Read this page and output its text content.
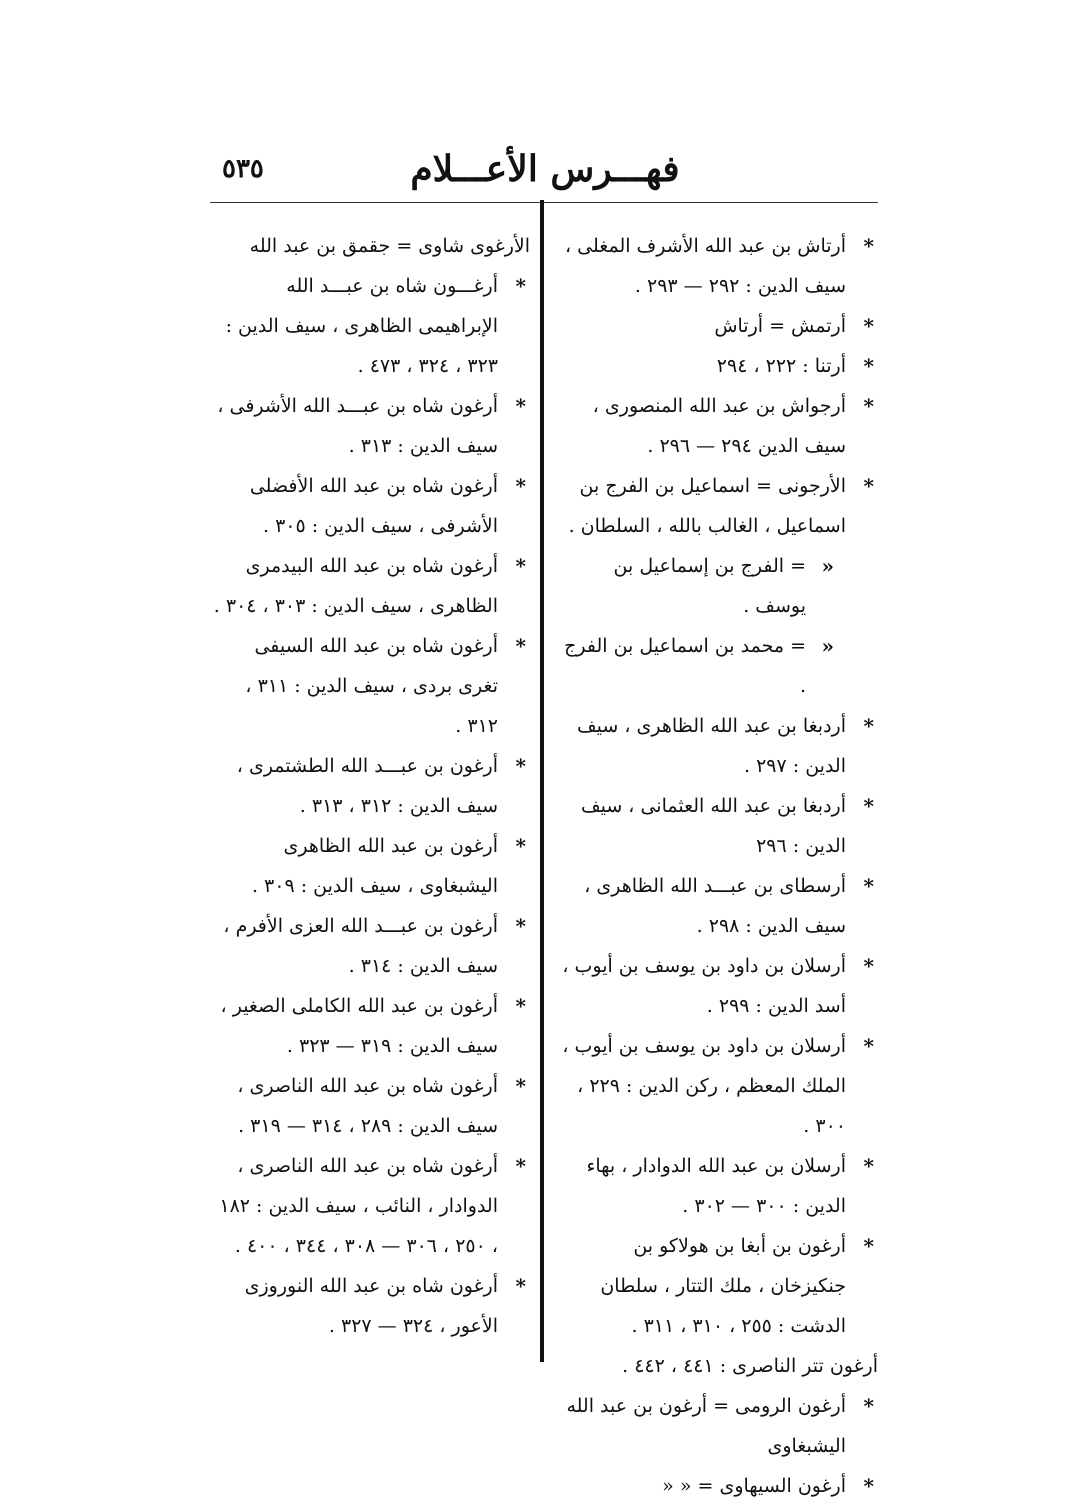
فهـــرس الأعـــلام
٥٣٥

*
أرتاش بن عبد الله الأشرف المغلى ، سيف الدين : ٢٩٢ — ٢٩٣ .

*
أرتمش = أرتاش

*
أرتنا : ٢٢٢ ، ٢٩٤

*
أرجواش بن عبد الله المنصورى ، سيف الدين ٢٩٤ — ٢٩٦ .

*
الأرجونى = اسماعيل بن الفرج بن اسماعيل ، الغالب بالله ، السلطان .

«
= الفرج بن إسماعيل بن يوسف .

«
= محمد بن اسماعيل بن الفرج .

*
أردبغا بن عبد الله الظاهرى ، سيف الدين : ٢٩٧ .

*
أردبغا بن عبد الله العثمانى ، سيف الدين : ٢٩٦

*
أرسطاى بن عبـــد الله الظاهرى ، سيف الدين : ٢٩٨ .

*
أرسلان بن داود بن يوسف بن أيوب ، أسد الدين : ٢٩٩ .

*
أرسلان بن داود بن يوسف بن أيوب ، الملك المعظم ، ركن الدين : ٢٢٩ ، ٣٠٠ .

*
أرسلان بن عبد الله الدوادار ، بهاء الدين : ٣٠٠ — ٣٠٢ .

*
أرغون بن أبغا بن هولاكو بن جنكيزخان ، ملك التتار ، سلطان الدشت : ٢٥٥ ، ٣١٠ ، ٣١١ .

أرغون تتر الناصرى : ٤٤١ ، ٤٤٢ .

*
أرغون الرومى = أرغون بن عبد الله اليشبغاوى

*
أرغون السيهاوى = « «

الأرغوى شاوى = جقمق بن عبد الله

*
أرغـــون شاه بن عبـــد الله الإبراهيمى الظاهرى ، سيف الدين : ٣٢٣ ، ٣٢٤ ، ٤٧٣ .

*
أرغون شاه بن عبـــد الله الأشرفى ، سيف الدين : ٣١٣ .

*
أرغون شاه بن عبد الله الأفضلى الأشرفى ، سيف الدين : ٣٠٥ .

*
أرغون شاه بن عبد الله البيدمرى الظاهرى ، سيف الدين : ٣٠٣ ، ٣٠٤ .

*
أرغون شاه بن عبد الله السيفى تغرى بردى ، سيف الدين : ٣١١ ، ٣١٢ .

*
أرغون بن عبـــد الله الطشتمرى ، سيف الدين : ٣١٢ ، ٣١٣ .

*
أرغون بن عبد الله الظاهرى اليشبغاوى ، سيف الدين : ٣٠٩ .

*
أرغون بن عبـــد الله العزى الأفرم ، سيف الدين : ٣١٤ .

*
أرغون بن عبد الله الكاملى الصغير ، سيف الدين : ٣١٩ — ٣٢٣ .

*
أرغون شاه بن عبد الله الناصرى ، سيف الدين : ٢٨٩ ، ٣١٤ — ٣١٩ .

*
أرغون شاه بن عبد الله الناصرى ، الدوادار ، النائب ، سيف الدين : ١٨٢ ، ٢٥٠ ، ٣٠٦ — ٣٠٨ ، ٣٤٤ ، ٤٠٠ .

*
أرغون شاه بن عبد الله النوروزى الأعور ، ٣٢٤ — ٣٢٧ .
